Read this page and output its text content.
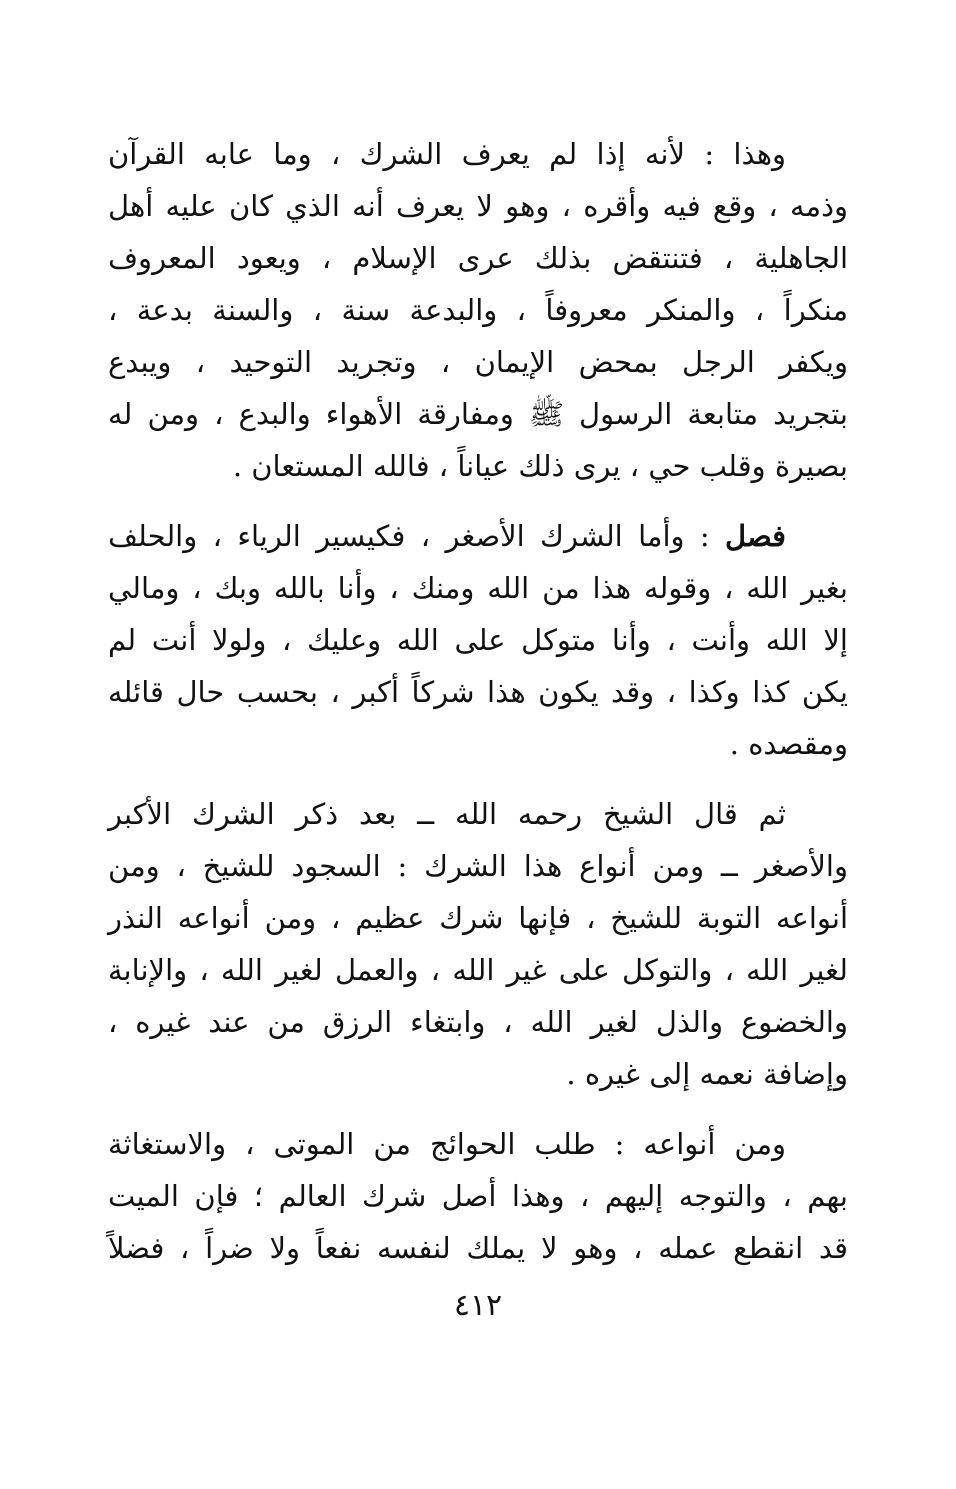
وهذا : لأنه إذا لم يعرف الشرك ، وما عابه القرآن
وذمه ، وقع فيه وأقره ، وهو لا يعرف أنه الذي كان عليه أهل
الجاهلية ، فتنتقض بذلك عرى الإسلام ، ويعود المعروف
منكراً ، والمنكر معروفاً ، والبدعة سنة ، والسنة بدعة ،
ويكفر الرجل بمحض الإيمان ، وتجريد التوحيد ، ويبدع
بتجريد متابعة الرسول ﷺ ومفارقة الأهواء والبدع ، ومن له
بصيرة وقلب حي ، يرى ذلك عياناً ، فالله المستعان .
فصل : وأما الشرك الأصغر ، فكيسير الرياء ، والحلف
بغير الله ، وقوله هذا من الله ومنك ، وأنا بالله وبك ، ومالي
إلا الله وأنت ، وأنا متوكل على الله وعليك ، ولولا أنت لم
يكن كذا وكذا ، وقد يكون هذا شركاً أكبر ، بحسب حال قائله
ومقصده .
ثم قال الشيخ رحمه الله ــ بعد ذكر الشرك الأكبر
والأصغر ــ ومن أنواع هذا الشرك : السجود للشيخ ، ومن
أنواعه التوبة للشيخ ، فإنها شرك عظيم ، ومن أنواعه النذر
لغير الله ، والتوكل على غير الله ، والعمل لغير الله ، والإنابة
والخضوع والذل لغير الله ، وابتغاء الرزق من عند غيره ،
وإضافة نعمه إلى غيره .
ومن أنواعه : طلب الحوائج من الموتى ، والاستغاثة
بهم ، والتوجه إليهم ، وهذا أصل شرك العالم ؛ فإن الميت
قد انقطع عمله ، وهو لا يملك لنفسه نفعاً ولا ضراً ، فضلاً
٤١٢
